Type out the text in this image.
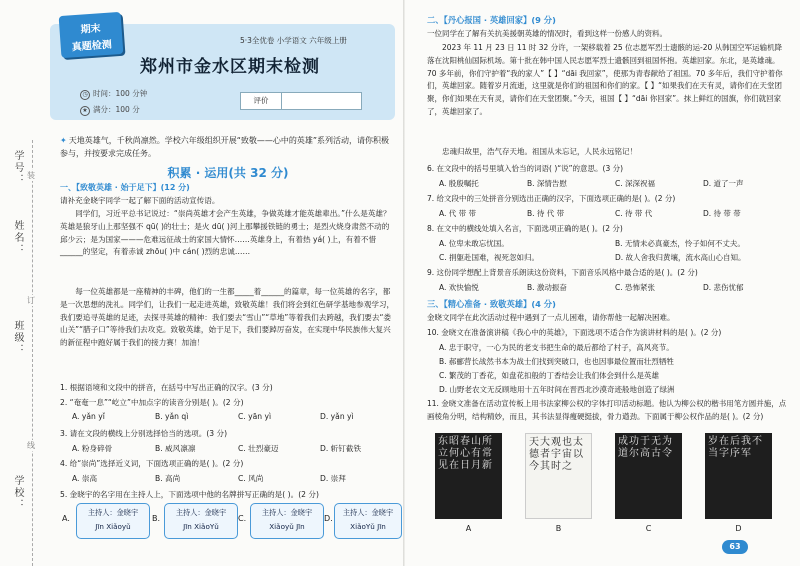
学号：
姓名：
班级：
学校：
装
订
线
期末
真题检测	5·3全优卷 小学语文 六年级上册
郑州市金水区期末检测
◷ 时间：100 分钟
★ 满分：100 分
评价
✦ 天地英雄气，千秋尚凛然。学校六年级组织开展“致敬——心中的英雄”系列活动，请你积极参与，并按要求完成任务。
积累 · 运用(共 32 分)
一、【致敬英雄 · 始于足下】(12 分)
请补充金晓宇同学一起了解下面的活动宣传语。
同学们，习近平总书记说过：“崇尚英雄才会产生英雄，争做英雄才能英雄辈出。”什么是英雄？英雄是狼牙山上那坚强不 qū( )的壮士；是火 dū( )河上那攀援铁链的勇士；是烈火烧身肃然不动的邱少云；是为国家———危难远征战士的家国大情怀……英雄身上，有着热 yá( )上，有着不惜______的坚定，有着赤诚 zhōu( )中 cán( )烈的忠诚……
每一位英雄都是一座精神的丰碑，他们的一生都_____着______的篇章，每一位英雄的名字，都是一次思想的洗礼。同学们，让我们一起走进英雄，致敬英雄！我们将会到红色研学基地参观学习，我们要追寻英雄的足迹，去探寻英雄的精神：我们要去“雪山”“草地”等着我们去跨越，我们要去“娄山关”“腊子口”等待我们去攻克。致敬英雄，始于足下，我们要踔厉奋发，在实现中华民族伟大复兴的新征程中跑好属于我们的接力赛！加油！
1. 根据语境和文段中的拼音，在括号中写出正确的汉字。(3 分)
2. “奄奄一息”“屹立”中加点字的读音分别是( )。(2 分)
A. yǎn yǐ	B. yǎn qì	C. yān yì	D. yǎn yì
3. 请在文段的横线上分别选择恰当的选项。(3 分)
A. 粉身碎骨	B. 威风凛凛	C. 壮烈豪迈	D. 斩钉截铁
4. 给“崇尚”选择近义词，下面选项正确的是( )。(2 分)
A. 崇高	B. 高尚	C. 风尚	D. 崇拜
5. 金晓宇的名字用在主持人上，下面选项中他的名牌拼写正确的是( )。(2 分)
A.
主持人：金晓宇
Jīn Xiǎoyǔ
B.
主持人：金晓宇
Jīn XiǎoYǔ
C.
主持人：金晓宇
Xiǎoyǔ Jīn
D.
主持人：金晓宇
XiǎoYǔ Jīn
二、【丹心报国 · 英雄回家】(9 分)
一位同学在了解有关抗美援朝英雄的情况时，看到这样一份感人的资料。
2023 年 11 月 23 日 11 时 32 分许，一架移载着 25 位志愿军烈士遗骸的运-20 从韩国空军运输机降落在沈阳桃仙国际机场。第十批在韩中国人民志愿军烈士遗骸回到祖国怀抱。英雄回家。东北，是英雄魂。70 多年前，你们守护着“我的家人”【 】“dāi 我回家”，使那为青春献给了祖国。70 多年后，我们守护着你们，英雄回家。随着岁月流逝，这里就是你们的祖国和你们的家。【 】“如果我们在天有灵，请你们在天堂团聚，你们如果在天有灵，请你们在天堂团聚。”今天，祖国【 】“dāi 你回家”。抹上鲜红的国旗，你们就回家了，英雄回家了。
忠魂归故里，浩气存天地。祖国从未忘记，人民永远铭记！
6. 在文段中的括号里填入恰当的词语( )“说”的意思。(3 分)
A. 殷殷嘱托	B. 深情告慰	C. 深深祝福	D. 道了一声
7. 给文段中的三处拼音分别选出正确的汉字，下面选项正确的是( )。(2 分)
A. 代 带 带	B. 待 代 带	C. 待 带 代	D. 待 带 带
8. 在文中的横线处填入名言，下面选项正确的是( )。(2 分)
A. 位卑未敢忘忧国。	B. 无情未必真豪杰，怜子如何不丈夫。
C. 捐躯赴国难，视死忽如归。	D. 故人舍我归黄壤，流水高山心自知。
9. 这份同学想配上背景音乐朗读这份资料，下面音乐风格中最合适的是( )。(2 分)
A. 欢快愉悦	B. 激动振奋	C. 恐怖紧张	D. 悲伤忧郁
三、【精心准备 · 致敬英雄】(4 分)
金晓文同学在此次活动过程中遇到了一点儿困难，请你帮他一起解决困难。
10. 金晓文在准备演讲稿《我心中的英雄》，下面选项不适合作为演讲材料的是( )。(2 分)
A. 忠于职守，一心为民的老支书把生命的最后都给了村子，高风亮节。
B. 郝郦营长战然书本为战士们找到突破口，也也因事最位置而壮烈牺牲
C. 繁茂的丁香花，如盘花扣般的丁香结会让我们体会到什么是英雄
D. 山野老农文无反顾地用十五年时间在晋西北沙漠奇迹般地创造了绿洲
11. 金晓文准备在活动宣传板上用书法家柳公权的字体打印活动标题。他认为柳公权的楷书用笔方圆并施，点画棱角分明，结构精妙，而且，其书法显得瘦硬挺拔，骨力遒劲。下面属于柳公权作品的是( )。(2 分)
东昭春山所立何心有常见在日月新
A
天大观也太德者宇宙以今其时之
B
成功于无为道尔高古令
C
岁在后我不当字序军
D
63
